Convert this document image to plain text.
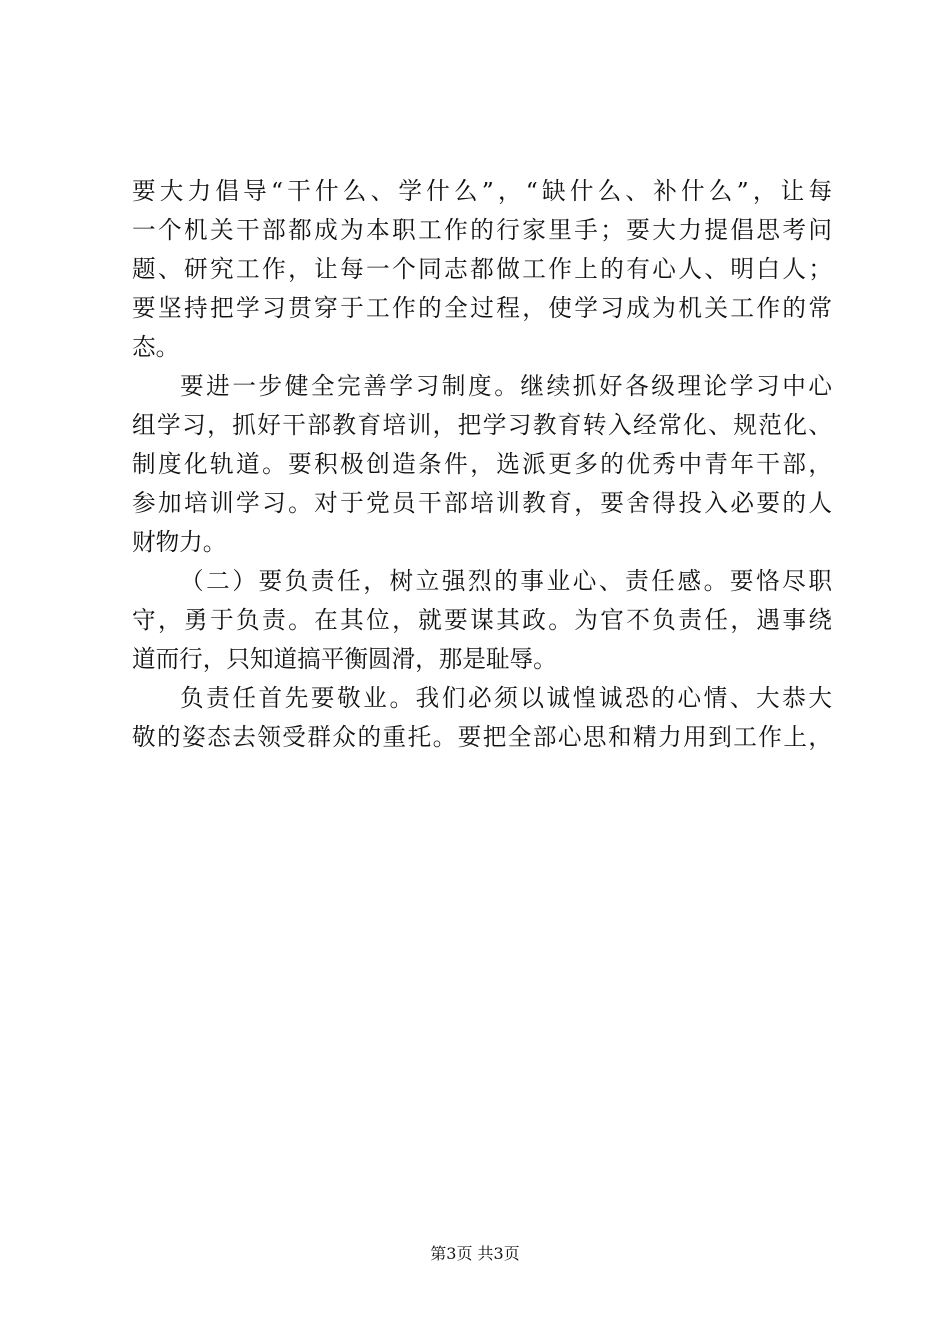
要大力倡导“干什么、学什么”，“缺什么、补什么”，让每
一个机关干部都成为本职工作的行家里手；要大力提倡思考问
题、研究工作，让每一个同志都做工作上的有心人、明白人；
要坚持把学习贯穿于工作的全过程，使学习成为机关工作的常
态。
要进一步健全完善学习制度。继续抓好各级理论学习中心
组学习，抓好干部教育培训，把学习教育转入经常化、规范化、
制度化轨道。要积极创造条件，选派更多的优秀中青年干部，
参加培训学习。对于党员干部培训教育，要舍得投入必要的人
财物力。
（二）要负责任，树立强烈的事业心、责任感。要恪尽职
守，勇于负责。在其位，就要谋其政。为官不负责任，遇事绕
道而行，只知道搞平衡圆滑，那是耻辱。
负责任首先要敬业。我们必须以诚惶诚恐的心情、大恭大
敬的姿态去领受群众的重托。要把全部心思和精力用到工作上，
第3页 共3页
